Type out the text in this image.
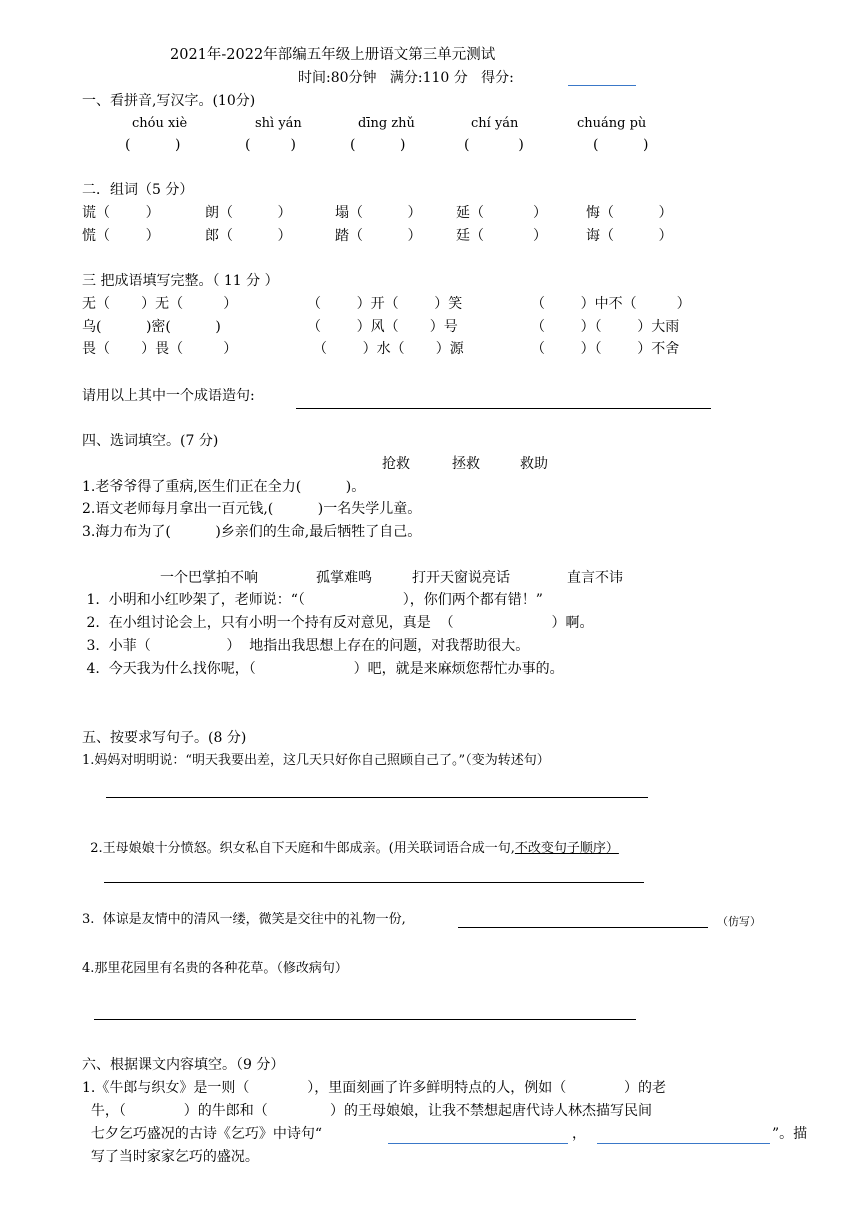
2021年-2022年部编五年级上册语文第三单元测试
时间:80分钟   满分:110 分   得分:
一、看拼音,写汉字。(10分)
chóu xiè	shì yán	dīng zhǔ	chí yán	chuáng pù
(          )	(         )	(          )	(           )	(          )
二．组词（5 分）
谎（        ）	朗（          ）	塌（          ） 延（           ）	悔（          ）
慌（        ）	郎（          ）	踏（          ） 廷（           ）	诲（          ）
三 把成语填写完整。（ 11 分 ）
无（       ）无（         ）	（        ）开（        ）笑	（        ）中不（         ）
乌(          )密(          )	（        ）风（       ）号	（        ）（        ）大雨
畏（       ）畏（         ）	（        ）水（       ）源	（        ）（        ）不舍
请用以上其中一个成语造句:
四、选词填空。(7 分)
抢救	拯救	救助
1.老爷爷得了重病,医生们正在全力(          )。
2.语文老师每月拿出一百元钱,(          )一名失学儿童。
3.海力布为了(          )乡亲们的生命,最后牺牲了自己。
一个巴掌拍不响	孤掌难鸣	打开天窗说亮话	直言不讳
1.  小明和小红吵架了，老师说：“（                      ），你们两个都有错！”
2.  在小组讨论会上，只有小明一个持有反对意见，真是  （                      ）啊。
3.  小菲（                 ）  地指出我思想上存在的问题，对我帮助很大。
4.  今天我为什么找你呢，（                      ）吧，就是来麻烦您帮忙办事的。
五、按要求写句子。(8 分)
1.妈妈对明明说：“明天我要出差，这几天只好你自己照顾自己了。”（变为转述句）

2.王母娘娘十分愤怒。织女私自下天庭和牛郎成亲。(用关联词语合成一句,不改变句子顺序）

3.  体谅是友情中的清风一缕，微笑是交往中的礼物一份,	（仿写）
4.那里花园里有名贵的各种花草。（修改病句）
六、根据课文内容填空。（9 分）
1.《牛郎与织女》是一则（             ），里面刻画了许多鲜明特点的人，例如（             ）的老
牛，（             ）的牛郎和（              ）的王母娘娘，让我不禁想起唐代诗人林杰描写民间
七夕乞巧盛况的古诗《乞巧》中诗句“	，	”。描
写了当时家家乞巧的盛况。
